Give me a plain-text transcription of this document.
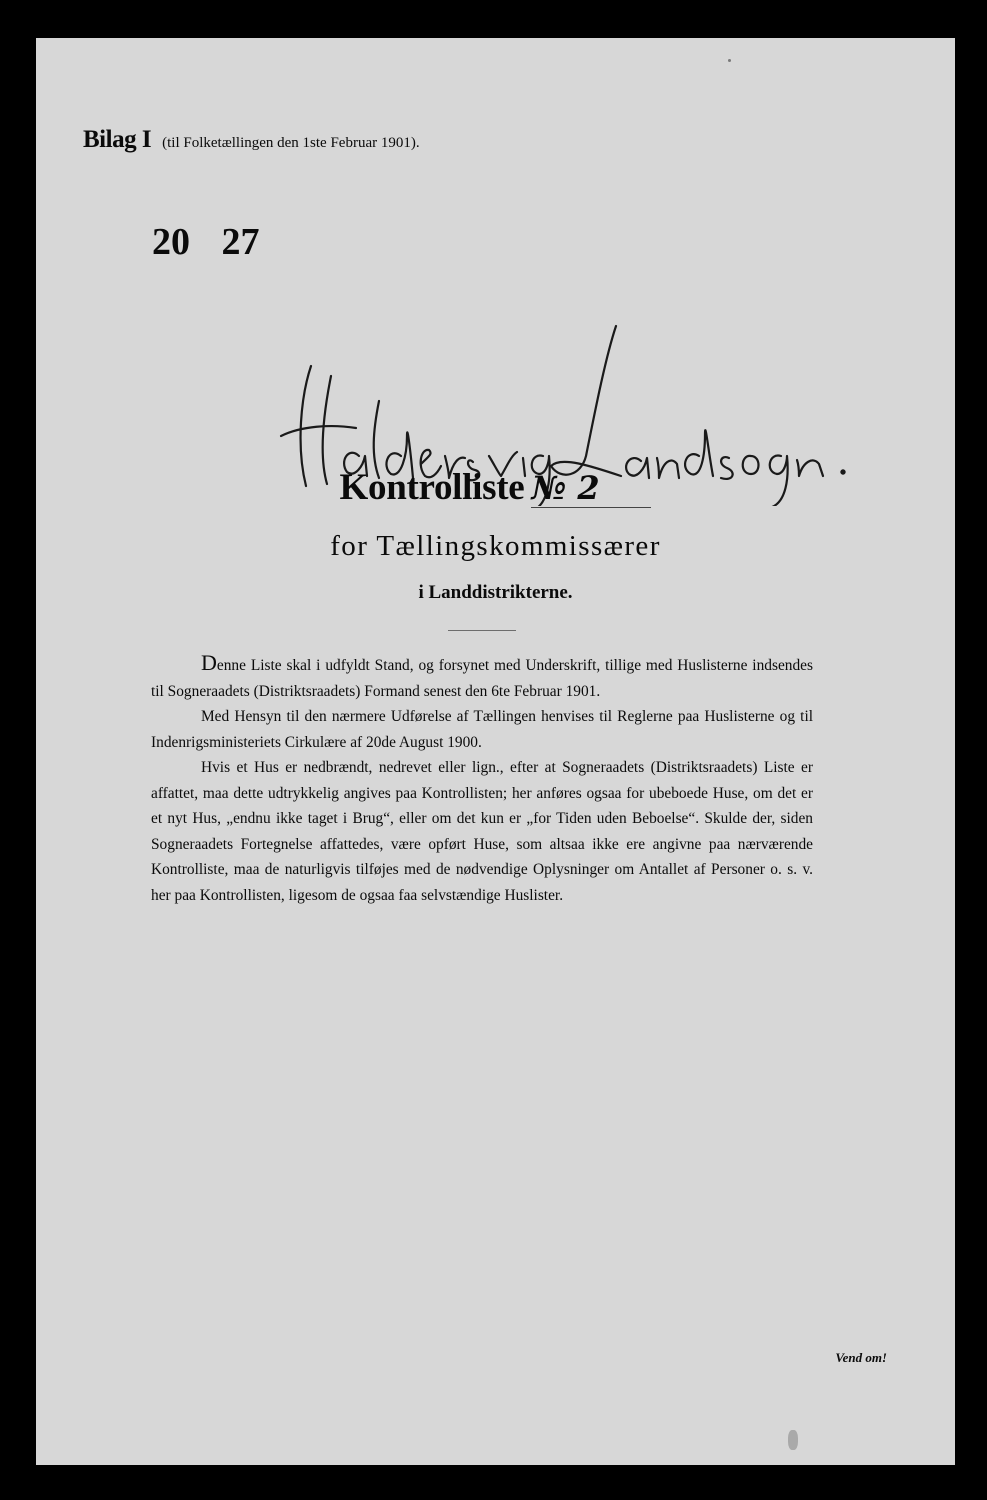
Bilag I (til Folketællingen den 1ste Februar 1901).
20 27
Kontrolliste № 2
for Tællingskommissærer
i Landdistrikterne.

Denne Liste skal i udfyldt Stand, og forsynet med Underskrift, tillige med Huslisterne indsendes til Sogneraadets (Distriktsraadets) Formand senest den 6te Februar 1901.

Med Hensyn til den nærmere Udførelse af Tællingen henvises til Reglerne paa Huslisterne og til Indenrigsministeriets Cirkulære af 20de August 1900.

Hvis et Hus er nedbrændt, nedrevet eller lign., efter at Sogneraadets (Distriktsraadets) Liste er affattet, maa dette udtrykkelig angives paa Kontrollisten; her anføres ogsaa for ubeboede Huse, om det er et nyt Hus, „endnu ikke taget i Brug“, eller om det kun er „for Tiden uden Beboelse“. Skulde der, siden Sogneraadets Fortegnelse affattedes, være opført Huse, som altsaa ikke ere angivne paa nærværende Kontrolliste, maa de naturligvis tilføjes med de nødvendige Oplysninger om Antallet af Personer o. s. v. her paa Kontrollisten, ligesom de ogsaa faa selvstændige Huslister.

Vend om!
